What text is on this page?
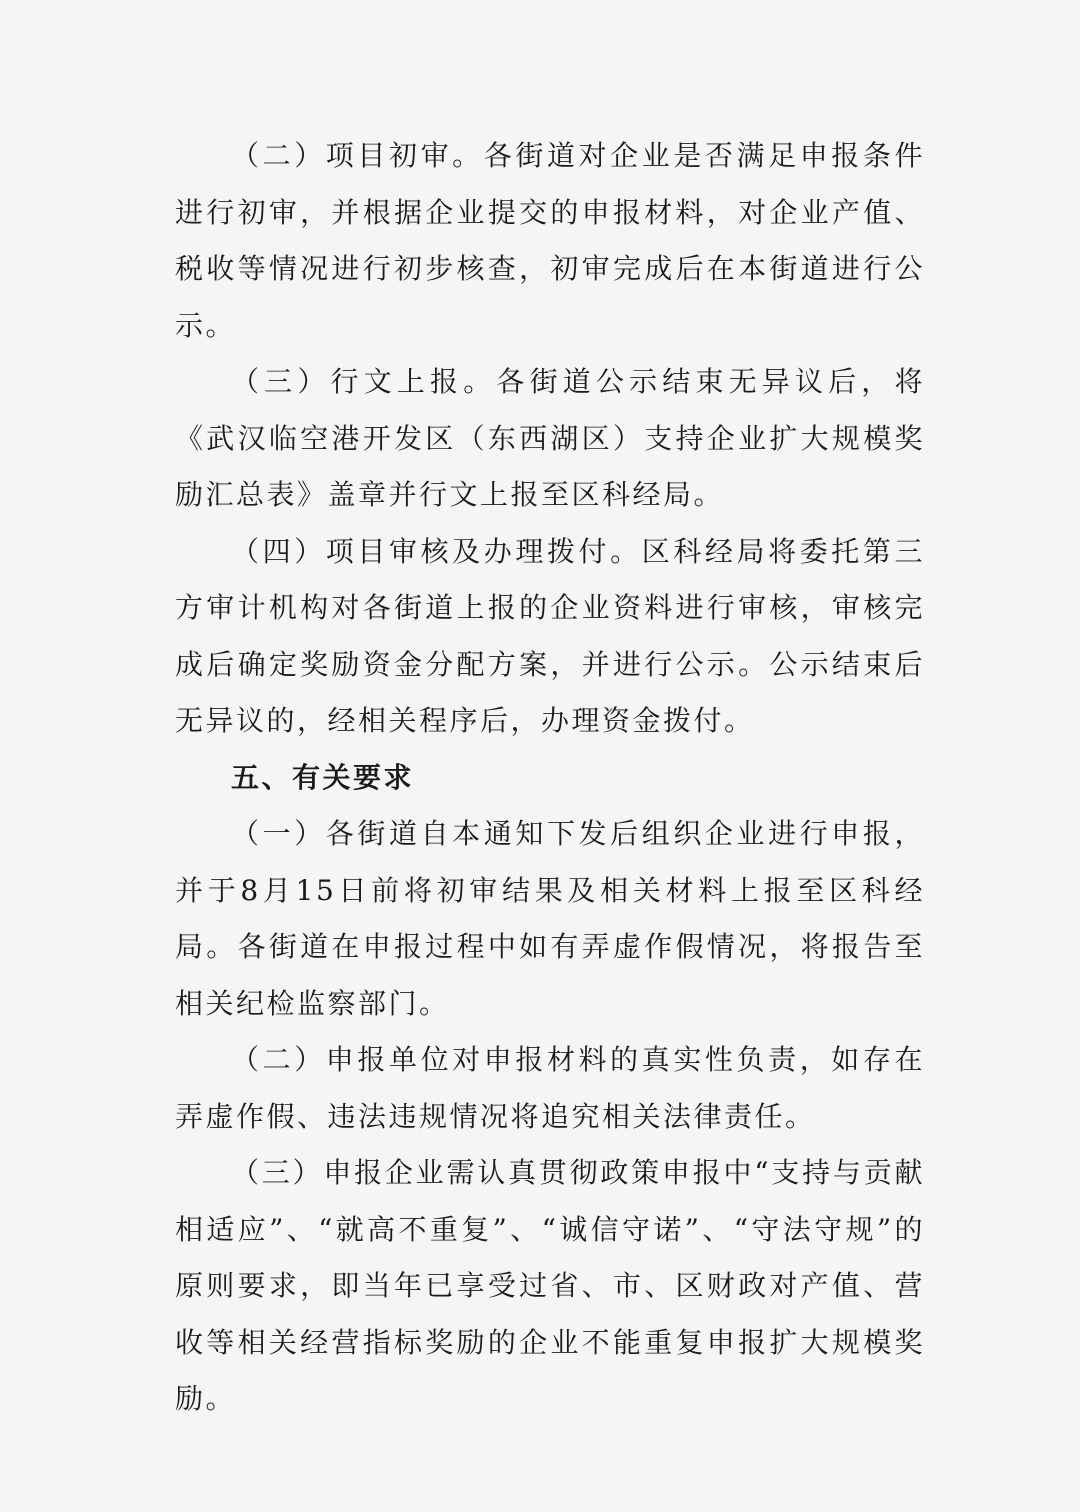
（二）项目初审。各街道对企业是否满足申报条件进行初审，并根据企业提交的申报材料，对企业产值、税收等情况进行初步核查，初审完成后在本街道进行公示。

（三）行文上报。各街道公示结束无异议后，将《武汉临空港开发区（东西湖区）支持企业扩大规模奖励汇总表》盖章并行文上报至区科经局。

（四）项目审核及办理拨付。区科经局将委托第三方审计机构对各街道上报的企业资料进行审核，审核完成后确定奖励资金分配方案，并进行公示。公示结束后无异议的，经相关程序后，办理资金拨付。

五、有关要求

（一）各街道自本通知下发后组织企业进行申报，并于8月15日前将初审结果及相关材料上报至区科经局。各街道在申报过程中如有弄虚作假情况，将报告至相关纪检监察部门。

（二）申报单位对申报材料的真实性负责，如存在弄虚作假、违法违规情况将追究相关法律责任。

（三）申报企业需认真贯彻政策申报中“支持与贡献相适应”、“就高不重复”、“诚信守诺”、“守法守规”的原则要求，即当年已享受过省、市、区财政对产值、营收等相关经营指标奖励的企业不能重复申报扩大规模奖励。
